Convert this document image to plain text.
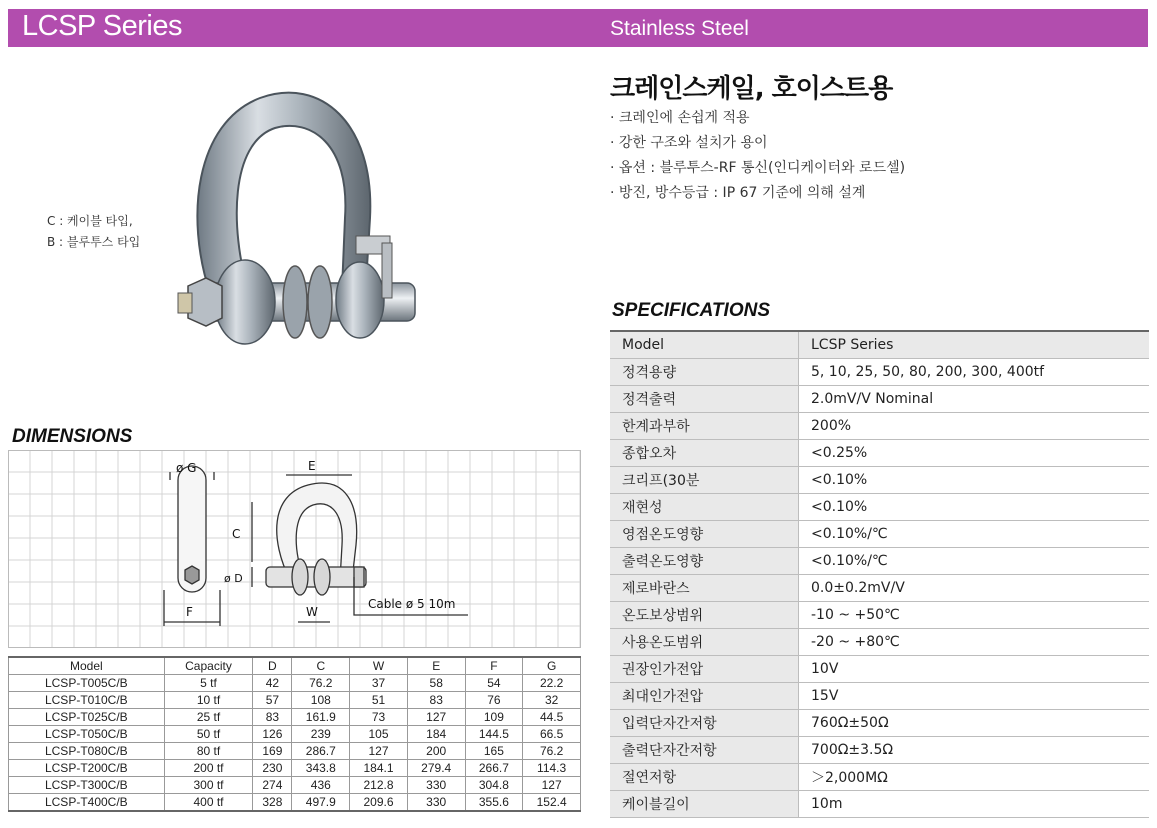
LCSP Series	Stainless Steel
C : 케이블 타입,
B : 블루투스 타입
크레인스케일, 호이스트용
· 크레인에 손쉽게 적용
· 강한 구조와 설치가 용이
· 옵션 : 블루투스-RF 통신(인디케이터와 로드셀)
· 방진, 방수등급 : IP 67 기준에 의해 설계
SPECIFICATIONS
Model	LCSP Series
정격용량	5, 10, 25, 50, 80, 200, 300, 400tf
정격출력	2.0mV/V Nominal
한계과부하	200%
종합오차	<0.25%
크리프(30분	<0.10%
재현성	<0.10%
영점온도영향	<0.10%/℃
출력온도영향	<0.10%/℃
제로바란스	0.0±0.2mV/V
온도보상범위	-10 ~ +50℃
사용온도범위	-20 ~ +80℃
권장인가전압	10V
최대인가전압	15V
입력단자간저항	760Ω±50Ω
출력단자간저항	700Ω±3.5Ω
절연저항	＞2,000MΩ
케이블길이	10m
DIMENSIONS
ø G
F
E
C
ø D
W
Cable ø 5 10m
Model	Capacity	D	C	W	E	F	G
LCSP-T005C/B	5 tf	42	76.2	37	58	54	22.2
LCSP-T010C/B	10 tf	57	108	51	83	76	32
LCSP-T025C/B	25 tf	83	161.9	73	127	109	44.5
LCSP-T050C/B	50 tf	126	239	105	184	144.5	66.5
LCSP-T080C/B	80 tf	169	286.7	127	200	165	76.2
LCSP-T200C/B	200 tf	230	343.8	184.1	279.4	266.7	114.3
LCSP-T300C/B	300 tf	274	436	212.8	330	304.8	127
LCSP-T400C/B	400 tf	328	497.9	209.6	330	355.6	152.4
